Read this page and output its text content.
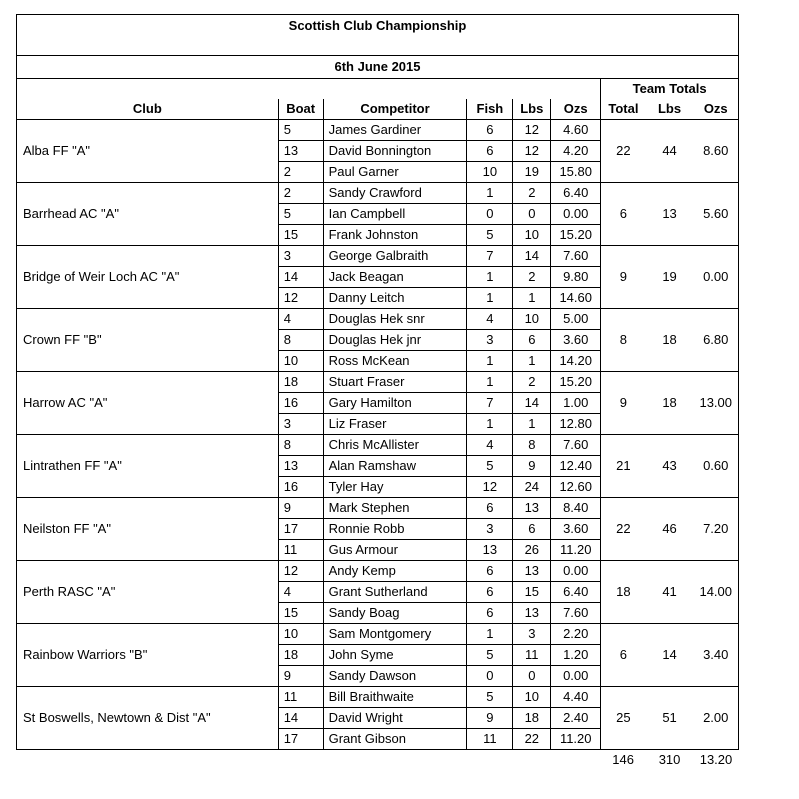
Scottish Club Championship								

6th June 2015								
						Team Totals		
Club	Boat	Competitor	Fish	Lbs	Ozs	Total	Lbs	Ozs
Alba FF "A"	5	James Gardiner	6	12	4.60	22	44	8.60
	13	David Bonnington	6	12	4.20			
	2	Paul Garner	10	19	15.80			
Barrhead AC "A"	2	Sandy Crawford	1	2	6.40	6	13	5.60
	5	Ian Campbell	0	0	0.00			
	15	Frank Johnston	5	10	15.20			
Bridge of Weir Loch AC "A"	3	George Galbraith	7	14	7.60	9	19	0.00
	14	Jack Beagan	1	2	9.80			
	12	Danny Leitch	1	1	14.60			
Crown FF "B"	4	Douglas Hek snr	4	10	5.00	8	18	6.80
	8	Douglas Hek jnr	3	6	3.60			
	10	Ross McKean	1	1	14.20			
Harrow AC "A"	18	Stuart Fraser	1	2	15.20	9	18	13.00
	16	Gary Hamilton	7	14	1.00			
	3	Liz Fraser	1	1	12.80			
Lintrathen FF "A"	8	Chris McAllister	4	8	7.60	21	43	0.60
	13	Alan Ramshaw	5	9	12.40			
	16	Tyler Hay	12	24	12.60			
Neilston FF "A"	9	Mark Stephen	6	13	8.40	22	46	7.20
	17	Ronnie Robb	3	6	3.60			
	11	Gus Armour	13	26	11.20			
Perth RASC "A"	12	Andy Kemp	6	13	0.00	18	41	14.00
	4	Grant Sutherland	6	15	6.40			
	15	Sandy Boag	6	13	7.60			
Rainbow Warriors "B"	10	Sam Montgomery	1	3	2.20	6	14	3.40
	18	John Syme	5	11	1.20			
	9	Sandy Dawson	0	0	0.00			
St Boswells, Newtown & Dist "A"	11	Bill Braithwaite	5	10	4.40	25	51	2.00
	14	David Wright	9	18	2.40			
	17	Grant Gibson	11	22	11.20			
						146	310	13.20
